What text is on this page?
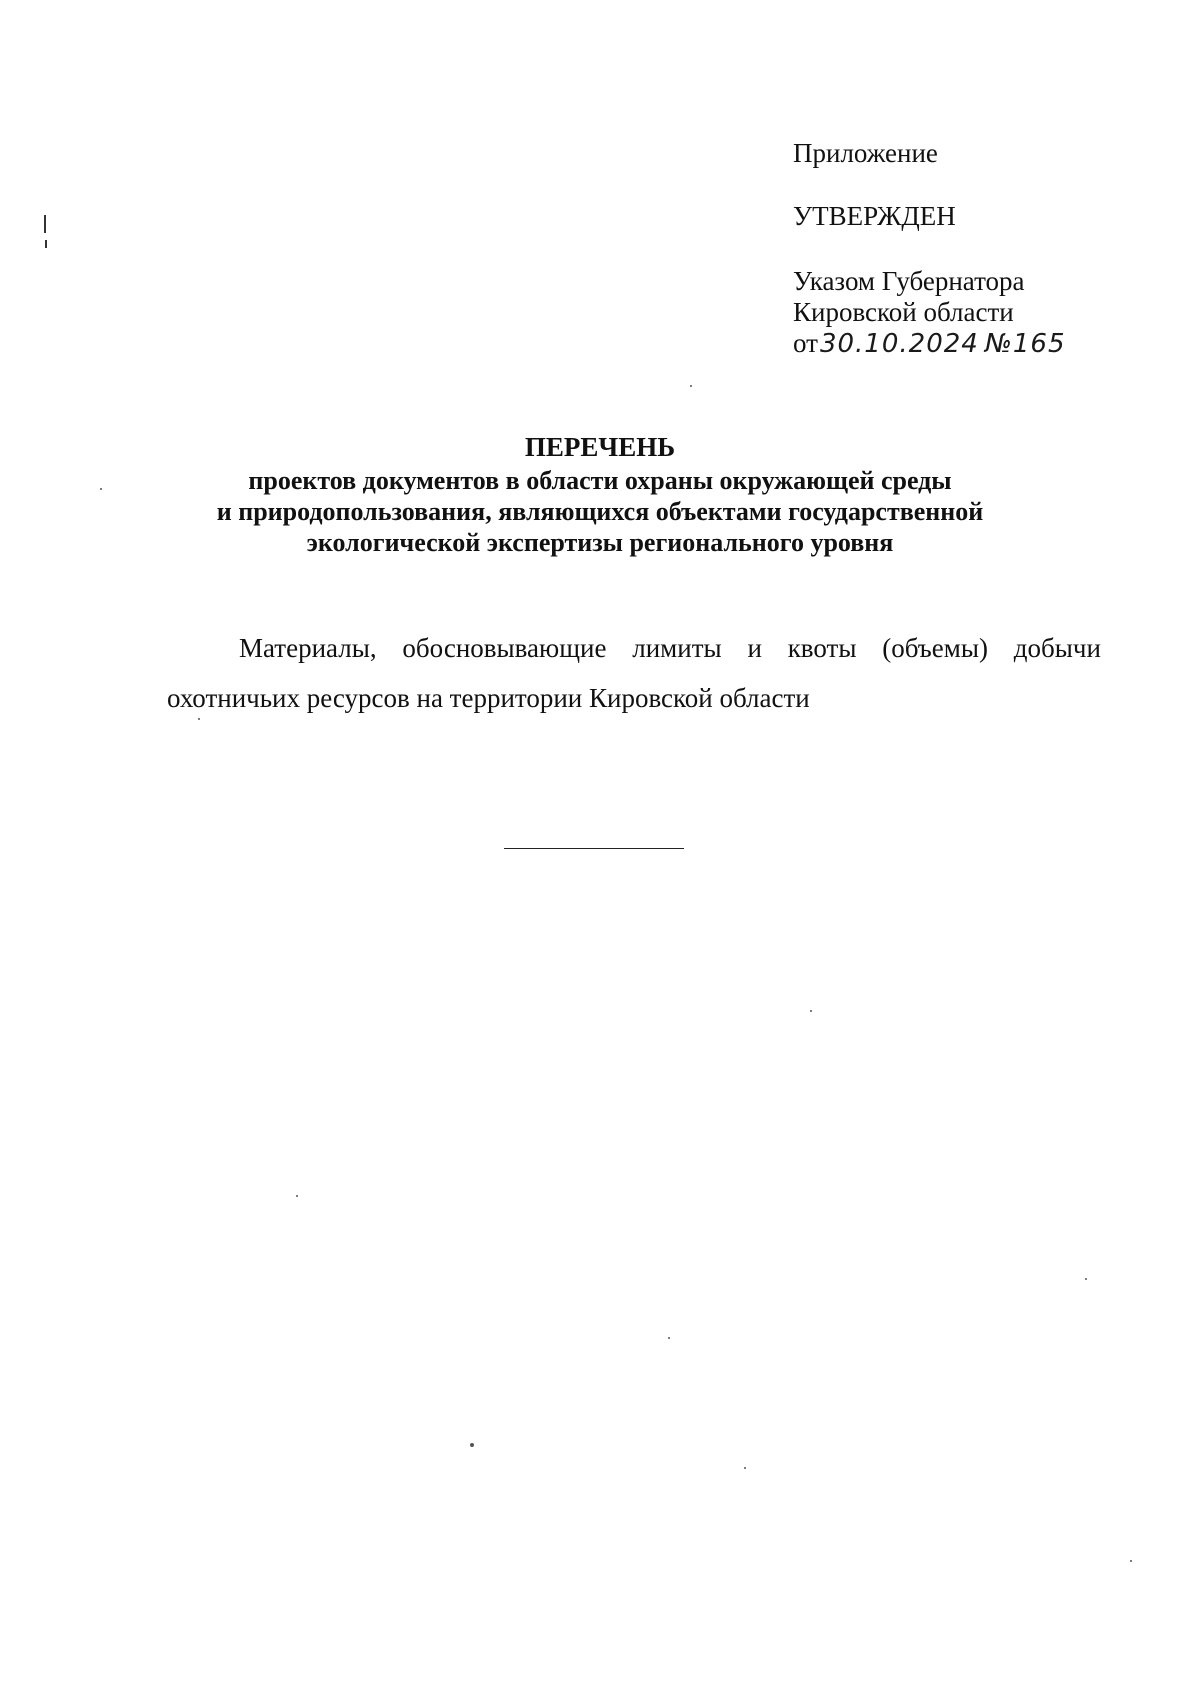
Приложение
УТВЕРЖДЕН
Указом Губернатора
Кировской области
от30.10.2024 №165
ПЕРЕЧЕНЬ
проектов документов в области охраны окружающей среды
и природопользования, являющихся объектами государственной
экологической экспертизы регионального уровня
Материалы, обосновывающие лимиты и квоты (объемы) добычи
охотничьих ресурсов на территории Кировской области
